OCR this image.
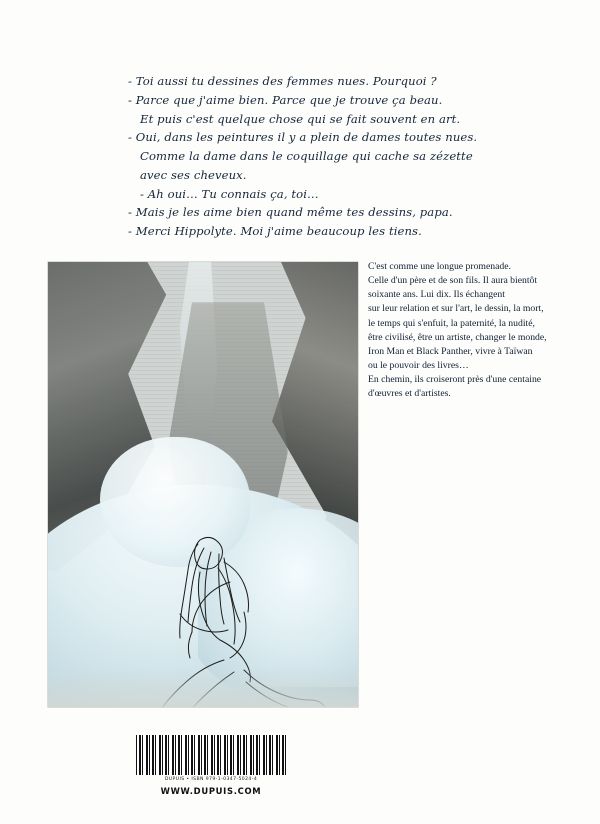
- Toi aussi tu dessines des femmes nues. Pourquoi ?
- Parce que j'aime bien. Parce que je trouve ça beau.
Et puis c'est quelque chose qui se fait souvent en art.
- Oui, dans les peintures il y a plein de dames toutes nues.
Comme la dame dans le coquillage qui cache sa zézette
avec ses cheveux.
- Ah oui… Tu connais ça, toi…
- Mais je les aime bien quand même tes dessins, papa.
- Merci Hippolyte. Moi j'aime beaucoup les tiens.

C'est comme une longue promenade.

Celle d'un père et de son fils. Il aura bientôt

soixante ans. Lui dix. Ils échangent

sur leur relation et sur l'art, le dessin, la mort,

le temps qui s'enfuit, la paternité, la nudité,

être civilisé, être un artiste, changer le monde,

Iron Man et Black Panther, vivre à Taïwan

ou le pouvoir des livres…

En chemin, ils croiseront près d'une centaine

d'œuvres et d'artistes.

DUPUIS • ISBN 979-1-0347-5024-4
WWW.DUPUIS.COM
